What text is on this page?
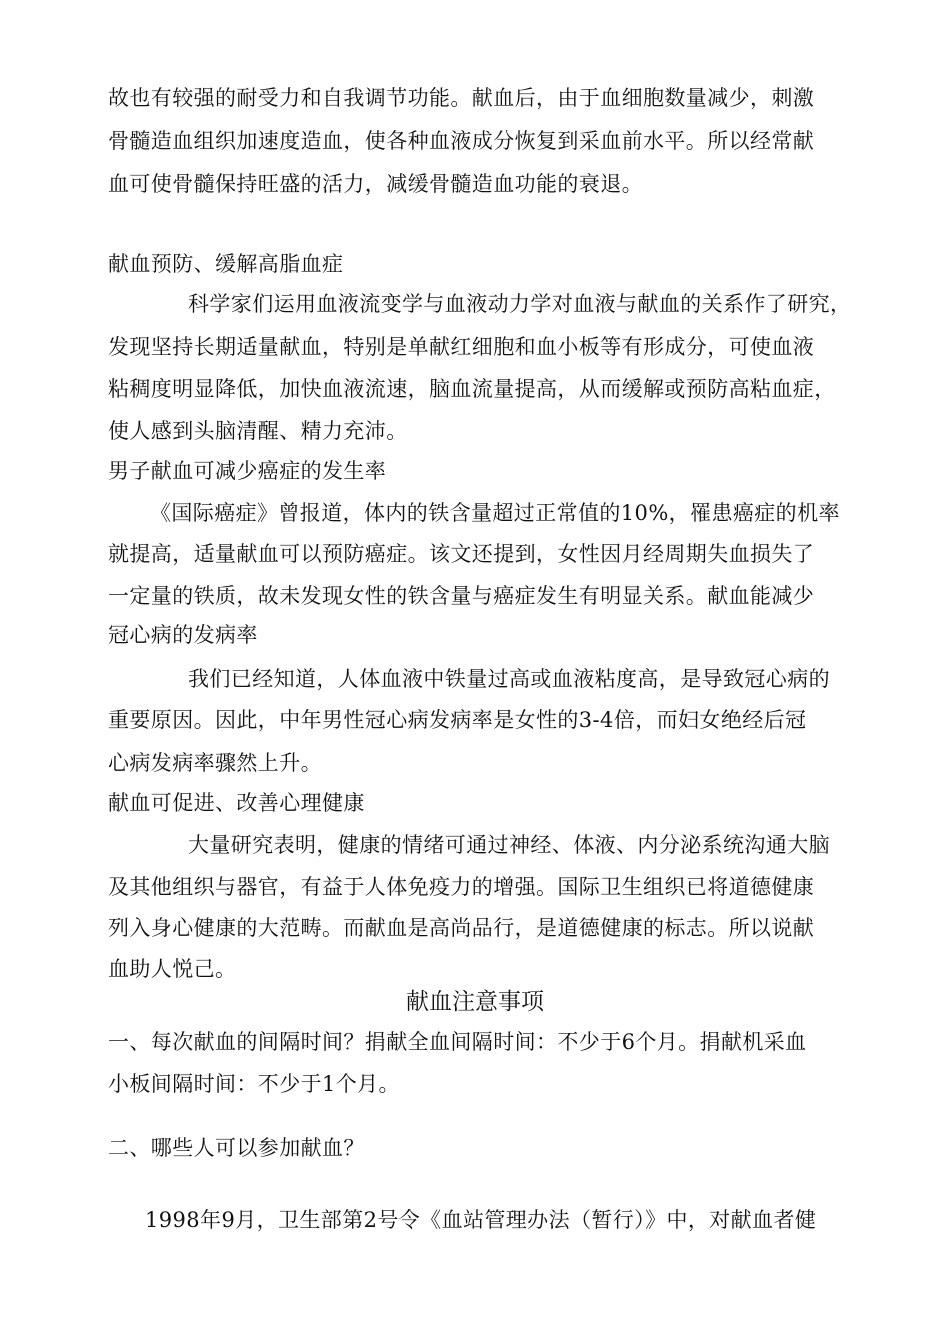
故也有较强的耐受力和自我调节功能。献血后，由于血细胞数量减少，刺激
骨髓造血组织加速度造血，使各种血液成分恢复到采血前水平。所以经常献
血可使骨髓保持旺盛的活力，减缓骨髓造血功能的衰退。
献血预防、缓解高脂血症
科学家们运用血液流变学与血液动力学对血液与献血的关系作了研究，
发现坚持长期适量献血，特别是单献红细胞和血小板等有形成分，可使血液
粘稠度明显降低，加快血液流速，脑血流量提高，从而缓解或预防高粘血症，
使人感到头脑清醒、精力充沛。
男子献血可减少癌症的发生率
《国际癌症》曾报道，体内的铁含量超过正常值的10%，罹患癌症的机率
就提高，适量献血可以预防癌症。该文还提到，女性因月经周期失血损失了
一定量的铁质，故未发现女性的铁含量与癌症发生有明显关系。献血能减少
冠心病的发病率
我们已经知道，人体血液中铁量过高或血液粘度高，是导致冠心病的
重要原因。因此，中年男性冠心病发病率是女性的3-4倍，而妇女绝经后冠
心病发病率骤然上升。
献血可促进、改善心理健康
大量研究表明，健康的情绪可通过神经、体液、内分泌系统沟通大脑
及其他组织与器官，有益于人体免疫力的增强。国际卫生组织已将道德健康
列入身心健康的大范畴。而献血是高尚品行，是道德健康的标志。所以说献
血助人悦己。
献血注意事项
一、每次献血的间隔时间？捐献全血间隔时间：不少于6个月。捐献机采血
小板间隔时间：不少于1个月。
二、哪些人可以参加献血？
1998年9月，卫生部第2号令《血站管理办法（暂行）》中，对献血者健
